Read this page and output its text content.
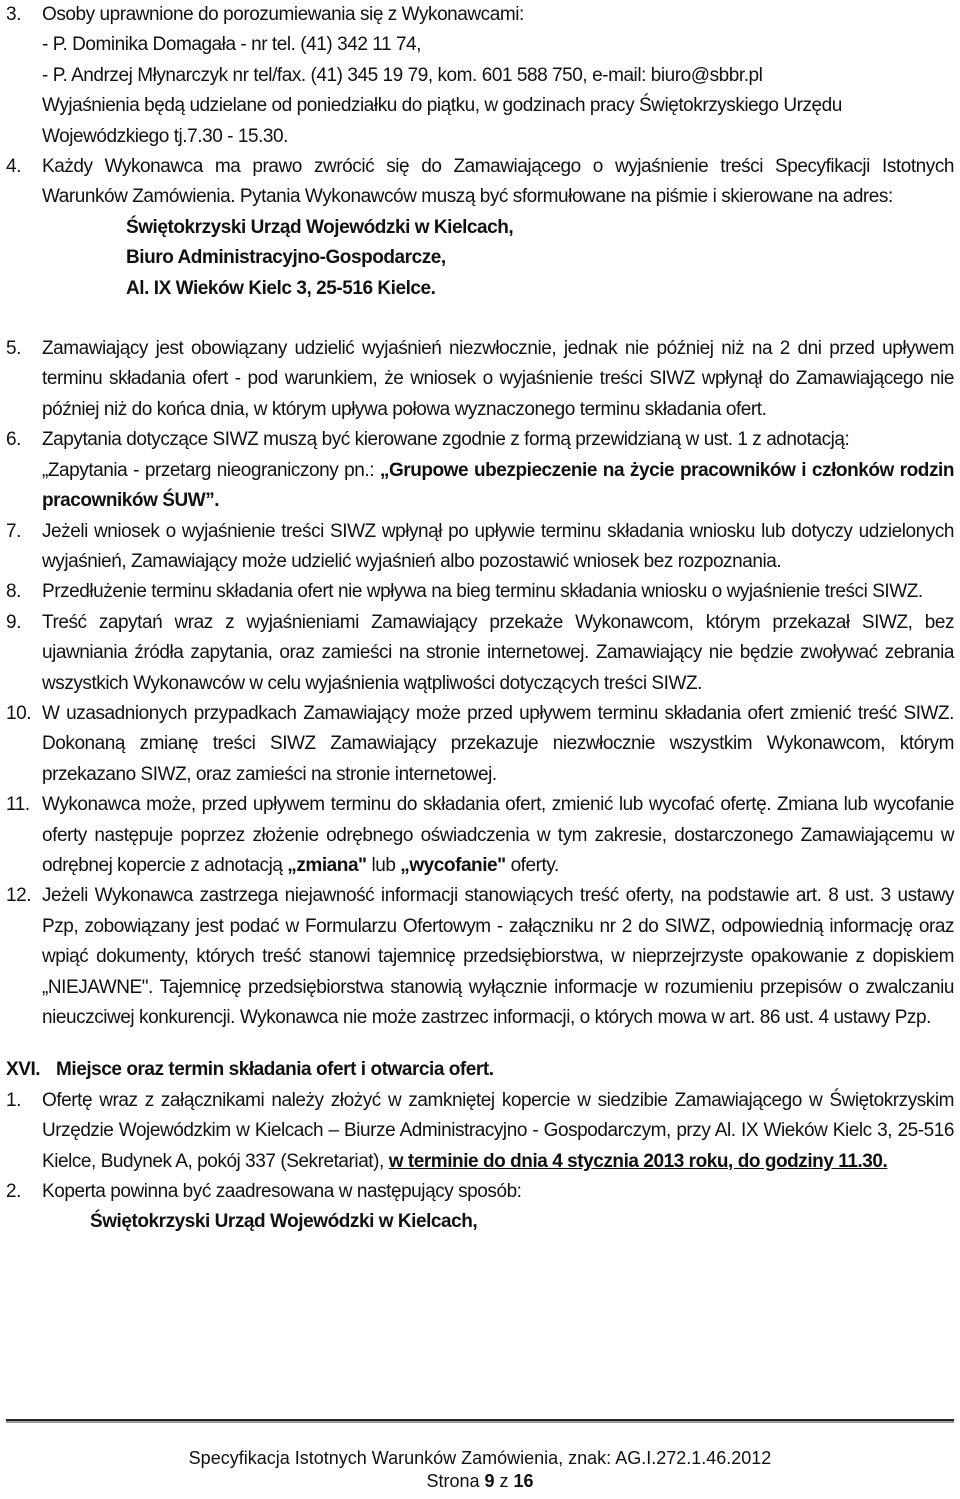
3. Osoby uprawnione do porozumiewania się z Wykonawcami:
- P. Dominika Domagała - nr tel. (41) 342 11 74,
- P. Andrzej Młynarczyk nr tel/fax. (41) 345 19 79, kom. 601 588 750, e-mail: biuro@sbbr.pl
Wyjaśnienia będą udzielane od poniedziałku do piątku, w godzinach pracy Świętokrzyskiego Urzędu
Wojewódzkiego tj.7.30 - 15.30.
4. Każdy Wykonawca ma prawo zwrócić się do Zamawiającego o wyjaśnienie treści Specyfikacji Istotnych Warunków Zamówienia. Pytania Wykonawców muszą być sformułowane na piśmie i skierowane na adres:
Świętokrzyski Urząd Wojewódzki w Kielcach,
Biuro Administracyjno-Gospodarcze,
Al. IX Wieków Kielc 3, 25-516 Kielce.
5. Zamawiający jest obowiązany udzielić wyjaśnień niezwłocznie, jednak nie później niż na 2 dni przed upływem terminu składania ofert - pod warunkiem, że wniosek o wyjaśnienie treści SIWZ wpłynął do Zamawiającego nie później niż do końca dnia, w którym upływa połowa wyznaczonego terminu składania ofert.
6. Zapytania dotyczące SIWZ muszą być kierowane zgodnie z formą przewidzianą w ust. 1 z adnotacją:
„Zapytania - przetarg nieograniczony pn.: „Grupowe ubezpieczenie na życie pracowników i członków rodzin pracowników ŚUW”.
7. Jeżeli wniosek o wyjaśnienie treści SIWZ wpłynął po upływie terminu składania wniosku lub dotyczy udzielonych wyjaśnień, Zamawiający może udzielić wyjaśnień albo pozostawić wniosek bez rozpoznania.
8. Przedłużenie terminu składania ofert nie wpływa na bieg terminu składania wniosku o wyjaśnienie treści SIWZ.
9. Treść zapytań wraz z wyjaśnieniami Zamawiający przekaże Wykonawcom, którym przekazał SIWZ, bez ujawniania źródła zapytania, oraz zamieści na stronie internetowej. Zamawiający nie będzie zwoływać zebrania wszystkich Wykonawców w celu wyjaśnienia wątpliwości dotyczących treści SIWZ.
10. W uzasadnionych przypadkach Zamawiający może przed upływem terminu składania ofert zmienić treść SIWZ. Dokonaną zmianę treści SIWZ Zamawiający przekazuje niezwłocznie wszystkim Wykonawcom, którym przekazano SIWZ, oraz zamieści na stronie internetowej.
11. Wykonawca może, przed upływem terminu do składania ofert, zmienić lub wycofać ofertę. Zmiana lub wycofanie oferty następuje poprzez złożenie odrębnego oświadczenia w tym zakresie, dostarczonego Zamawiającemu w odrębnej kopercie z adnotacją „zmiana" lub „wycofanie" oferty.
12. Jeżeli Wykonawca zastrzega niejawność informacji stanowiących treść oferty, na podstawie art. 8 ust. 3 ustawy Pzp, zobowiązany jest podać w Formularzu Ofertowym - załączniku nr 2 do SIWZ, odpowiednią informację oraz wpiąć dokumenty, których treść stanowi tajemnicę przedsiębiorstwa, w nieprzejrzyste opakowanie z dopiskiem „NIEJAWNE". Tajemnicę przedsiębiorstwa stanowią wyłącznie informacje w rozumieniu przepisów o zwalczaniu nieuczciwej konkurencji. Wykonawca nie może zastrzec informacji, o których mowa w art. 86 ust. 4 ustawy Pzp.
XVI. Miejsce oraz termin składania ofert i otwarcia ofert.
1. Ofertę wraz z załącznikami należy złożyć w zamkniętej kopercie w siedzibie Zamawiającego w Świętokrzyskim Urzędzie Wojewódzkim w Kielcach – Biurze Administracyjno - Gospodarczym, przy Al. IX Wieków Kielc 3, 25-516 Kielce, Budynek A, pokój 337 (Sekretariat), w terminie do dnia 4 stycznia 2013 roku, do godziny 11.30.
2. Koperta powinna być zaadresowana w następujący sposób:
Świętokrzyski Urząd Wojewódzki w Kielcach,
Specyfikacja Istotnych Warunków Zamówienia, znak: AG.I.272.1.46.2012
Strona 9 z 16
